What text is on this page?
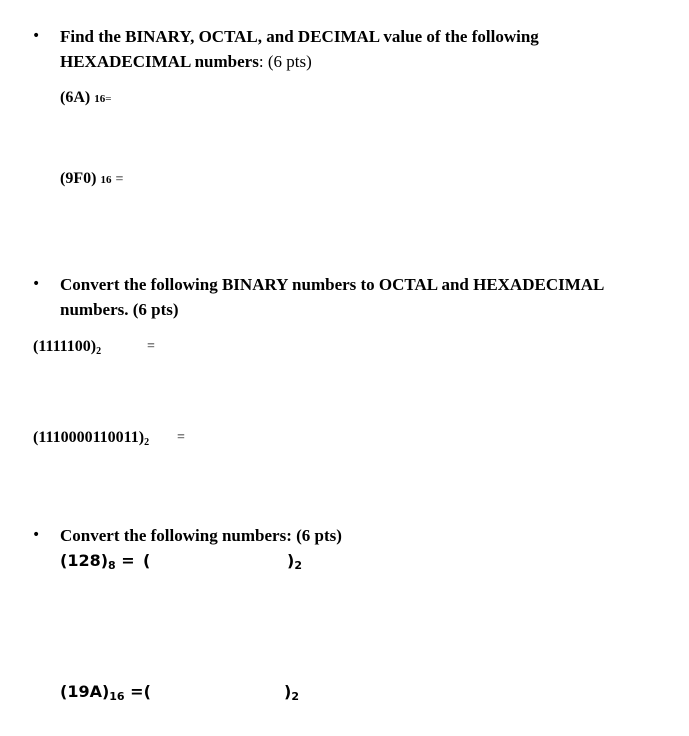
• Find the BINARY, OCTAL, and DECIMAL value of the following
HEXADECIMAL numbers: (6 pts)
(6A) 16=
(9F0) 16 =
• Convert the following BINARY numbers to OCTAL and HEXADECIMAL
numbers. (6 pts)
(1111100)2	=
(1110000110011)2 =
• Convert the following numbers: (6 pts)
(128)8 = (	)2
(19A)16 =(	)2
